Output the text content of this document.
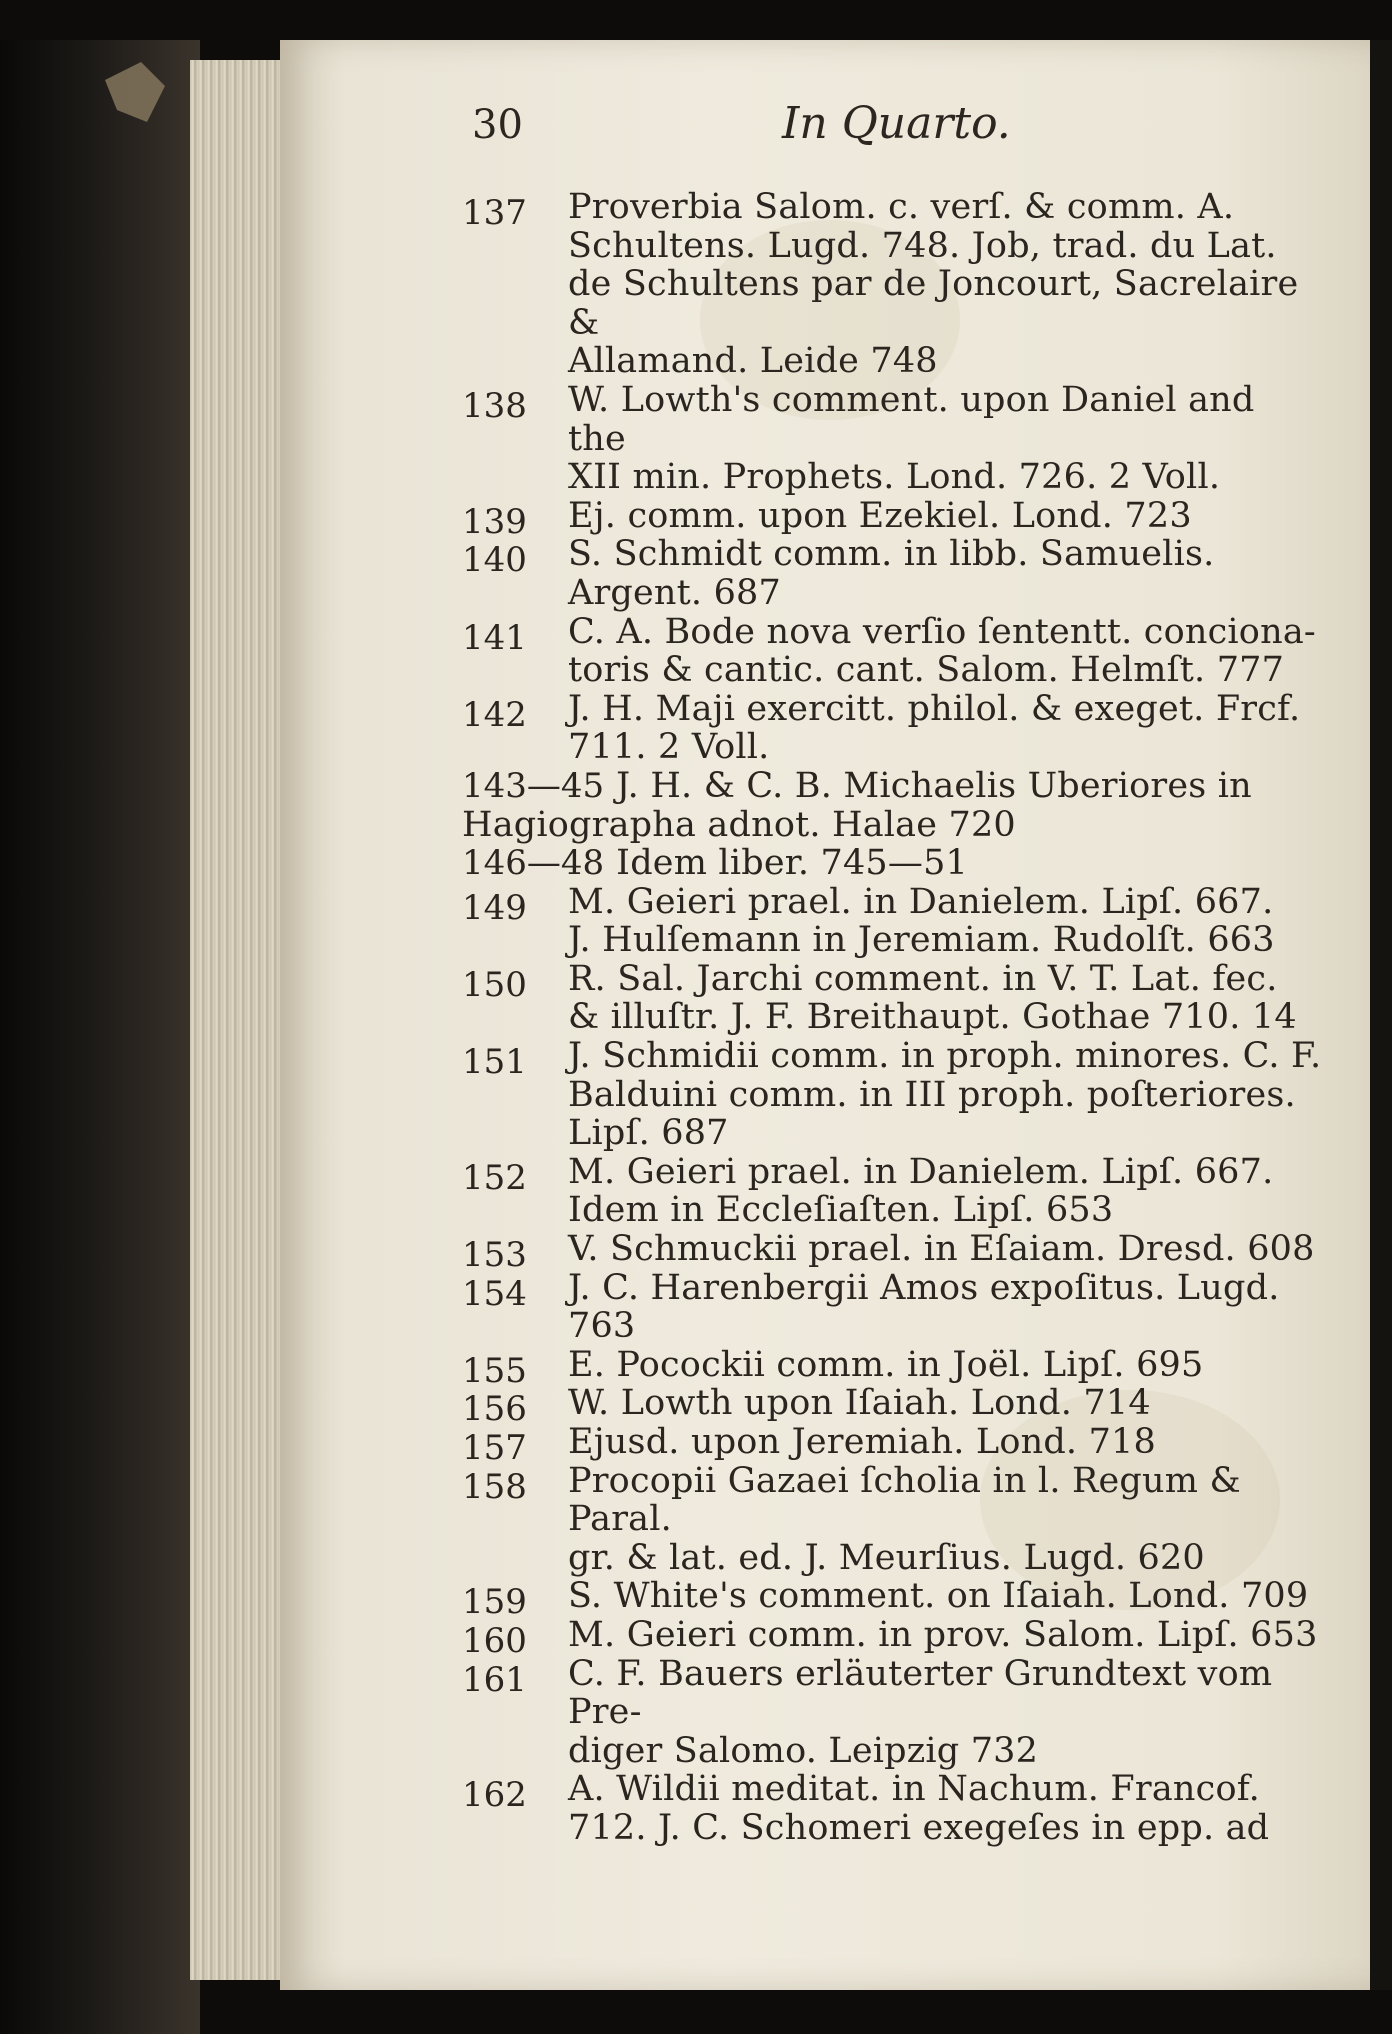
30	In Quarto.
137 Proverbia Salom. c. verſ. & comm. A.
Schultens. Lugd. 748. Job, trad. du Lat.
de Schultens par de Joncourt, Sacrelaire &
Allamand. Leide 748
138 W. Lowth's comment. upon Daniel and the
XII min. Prophets. Lond. 726. 2 Voll.
139 Ej. comm. upon Ezekiel. Lond. 723
140 S. Schmidt comm. in libb. Samuelis.
Argent. 687
141 C. A. Bode nova verſio ſententt. conciona-
toris & cantic. cant. Salom. Helmſt. 777
142 J. H. Maji exercitt. philol. & exeget. Frcf.
711. 2 Voll.
143—45 J. H. & C. B. Michaelis Uberiores in
Hagiographa adnot. Halae 720
146—48 Idem liber. 745—51
149 M. Geieri prael. in Danielem. Lipſ. 667.
J. Hulſemann in Jeremiam. Rudolſt. 663
150 R. Sal. Jarchi comment. in V. T. Lat. fec.
& illuſtr. J. F. Breithaupt. Gothae 710. 14
151 J. Schmidii comm. in proph. minores. C. F.
Balduini comm. in III proph. poſteriores.
Lipſ. 687
152 M. Geieri prael. in Danielem. Lipſ. 667.
Idem in Eccleſiaſten. Lipſ. 653
153 V. Schmuckii prael. in Eſaiam. Dresd. 608
154 J. C. Harenbergii Amos expoſitus. Lugd. 763
155 E. Pocockii comm. in Joël. Lipſ. 695
156 W. Lowth upon Iſaiah. Lond. 714
157 Ejusd. upon Jeremiah. Lond. 718
158 Procopii Gazaei ſcholia in l. Regum & Paral.
gr. & lat. ed. J. Meurſius. Lugd. 620
159 S. White's comment. on Iſaiah. Lond. 709
160 M. Geieri comm. in prov. Salom. Lipſ. 653
161 C. F. Bauers erläuterter Grundtext vom Pre-
diger Salomo. Leipzig 732
162 A. Wildii meditat. in Nachum. Francof.
712. J. C. Schomeri exegeſes in epp. ad
